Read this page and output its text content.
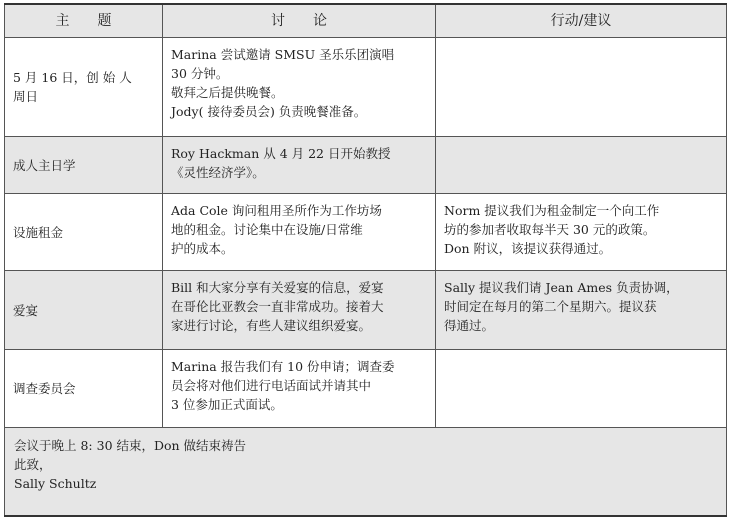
主　　题	讨　　论	行动/建议

5 月 16 日，创 始 人
周日	Marina 尝试邀请 SMSU 圣乐乐团演唱
30 分钟。
敬拜之后提供晚餐。
Jody( 接待委员会) 负责晚餐准备。	

成人主日学	Roy Hackman 从 4 月 22 日开始教授
《灵性经济学》。	

设施租金	Ada Cole 询问租用圣所作为工作坊场
地的租金。讨论集中在设施/日常维
护的成本。	Norm 提议我们为租金制定一个向工作
坊的参加者收取每半天 30 元的政策。
Don 附议，该提议获得通过。

爱宴	Bill 和大家分享有关爱宴的信息，爱宴
在哥伦比亚教会一直非常成功。接着大
家进行讨论，有些人建议组织爱宴。	Sally 提议我们请 Jean Ames 负责协调，
时间定在每月的第二个星期六。提议获
得通过。

调查委员会	Marina 报告我们有 10 份申请；调查委
员会将对他们进行电话面试并请其中
3 位参加正式面试。	

会议于晚上 8: 30 结束，Don 做结束祷告
此致，
Sally Schultz		
